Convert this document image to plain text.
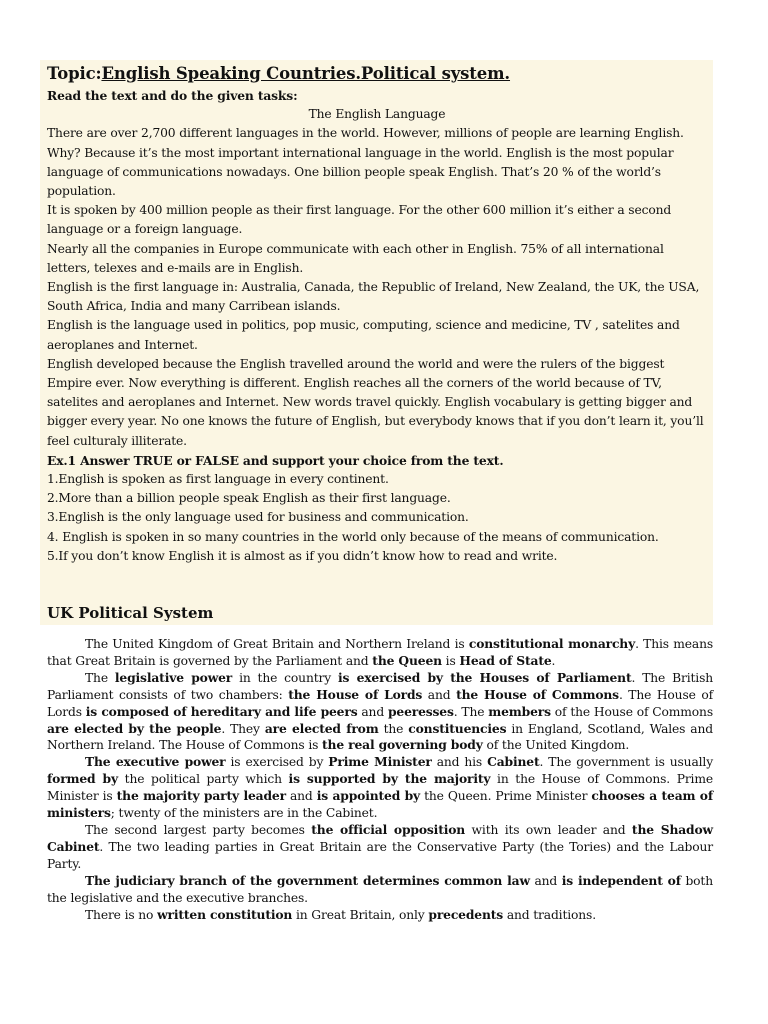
Topic:English Speaking Countries.Political system.

Read the text and do the given tasks:

The English Language

There are over 2,700 different languages in the world. However, millions of people are learning English. Why? Because it’s the most important international language in the world. English is the most popular language of communications nowadays. One billion people speak English. That’s 20 % of the world’s population.

It is spoken by 400 million people as their first language. For the other 600 million it’s either a second language or a foreign language.

Nearly all the companies in Europe communicate with each other in English. 75% of all international letters, telexes and e-mails are in English.

English is the first language in: Australia, Canada, the Republic of Ireland, New Zealand, the UK, the USA, South Africa, India and many Carribean islands.

English is the language used in politics, pop music, computing, science and medicine, TV , satelites and aeroplanes and Internet.

English developed because the English travelled around the world and were the rulers of the biggest Empire ever. Now everything is different. English reaches all the corners of the world because of TV, satelites and aeroplanes and Internet. New words travel quickly. English vocabulary is getting bigger and bigger every year. No one knows the future of English, but everybody knows that if you don’t learn it, you’ll feel culturaly illiterate.

Ex.1 Answer TRUE or FALSE and support your choice from the text.

1.English is spoken as first language in every continent.

2.More than a billion people speak English as their first language.

3.English is the only language used for business and communication.

4. English is spoken in so many countries in the world only because of the means of communication.

5.If you don’t know English it is almost as if you didn’t know how to read and write.

UK Political System

The United Kingdom of Great Britain and Northern Ireland is constitutional monarchy. This means that Great Britain is governed by the Parliament and the Queen is Head of State.

The legislative power in the country is exercised by the Houses of Parliament. The British Parliament consists of two chambers: the House of Lords and the House of Commons. The House of Lords is composed of hereditary and life peers and peeresses. The members of the House of Commons are elected by the people. They are elected from the constituencies in England, Scotland, Wales and Northern Ireland. The House of Commons is the real governing body of the United Kingdom.

The executive power is exercised by Prime Minister and his Cabinet. The government is usually formed by the political party which is supported by the majority in the House of Commons. Prime Minister is the majority party leader and is appointed by the Queen. Prime Minister chooses a team of ministers; twenty of the ministers are in the Cabinet.

The second largest party becomes the official opposition with its own leader and the Shadow Cabinet. The two leading parties in Great Britain are the Conservative Party (the Tories) and the Labour Party.

The judiciary branch of the government determines common law and is independent of both the legislative and the executive branches.

There is no written constitution in Great Britain, only precedents and traditions.
